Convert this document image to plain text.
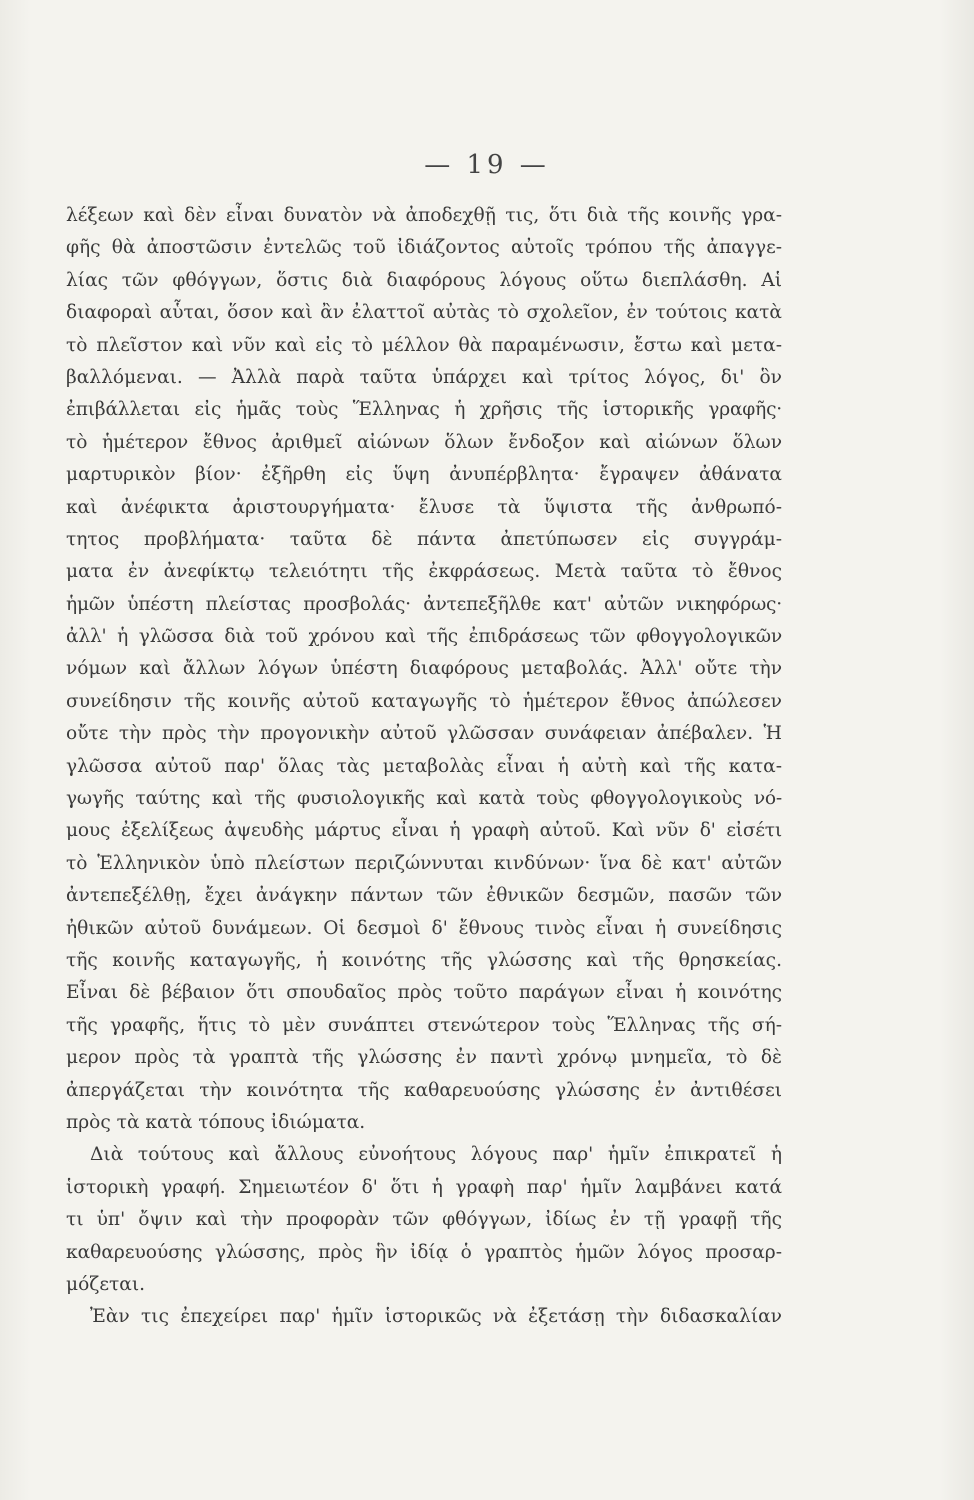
— 19 —
λέξεων καὶ δὲν εἶναι δυνατὸν νὰ ἀποδεχθῇ τις, ὅτι διὰ τῆς κοινῆς γρα-
φῆς θὰ ἀποστῶσιν ἐντελῶς τοῦ ἰδιάζοντος αὐτοῖς τρόπου τῆς ἀπαγγε-
λίας τῶν φθόγγων, ὅστις διὰ διαφόρους λόγους οὕτω διεπλάσθη. Αἱ
διαφοραὶ αὗται, ὅσον καὶ ἂν ἐλαττοῖ αὐτὰς τὸ σχολεῖον, ἐν τούτοις κατὰ
τὸ πλεῖστον καὶ νῦν καὶ εἰς τὸ μέλλον θὰ παραμένωσιν, ἔστω καὶ μετα-
βαλλόμεναι. — Ἀλλὰ παρὰ ταῦτα ὑπάρχει καὶ τρίτος λόγος, δι' ὃν
ἐπιβάλλεται εἰς ἡμᾶς τοὺς Ἕλληνας ἡ χρῆσις τῆς ἱστορικῆς γραφῆς·
τὸ ἡμέτερον ἔθνος ἀριθμεῖ αἰώνων ὅλων ἔνδοξον καὶ αἰώνων ὅλων
μαρτυρικὸν βίον· ἐξῆρθη εἰς ὕψη ἀνυπέρβλητα· ἔγραψεν ἀθάνατα
καὶ ἀνέφικτα ἀριστουργήματα· ἔλυσε τὰ ὕψιστα τῆς ἀνθρωπό-
τητος προβλήματα· ταῦτα δὲ πάντα ἀπετύπωσεν εἰς συγγράμ-
ματα ἐν ἀνεφίκτῳ τελειότητι τῆς ἐκφράσεως. Μετὰ ταῦτα τὸ ἔθνος
ἡμῶν ὑπέστη πλείστας προσβολάς· ἀντεπεξῆλθε κατ' αὐτῶν νικηφόρως·
ἀλλ' ἡ γλῶσσα διὰ τοῦ χρόνου καὶ τῆς ἐπιδράσεως τῶν φθογγολογικῶν
νόμων καὶ ἄλλων λόγων ὑπέστη διαφόρους μεταβολάς. Ἀλλ' οὔτε τὴν
συνείδησιν τῆς κοινῆς αὐτοῦ καταγωγῆς τὸ ἡμέτερον ἔθνος ἀπώλεσεν
οὔτε τὴν πρὸς τὴν προγονικὴν αὐτοῦ γλῶσσαν συνάφειαν ἀπέβαλεν. Ἡ
γλῶσσα αὐτοῦ παρ' ὅλας τὰς μεταβολὰς εἶναι ἡ αὐτὴ καὶ τῆς κατα-
γωγῆς ταύτης καὶ τῆς φυσιολογικῆς καὶ κατὰ τοὺς φθογγολογικοὺς νό-
μους ἐξελίξεως ἀψευδὴς μάρτυς εἶναι ἡ γραφὴ αὐτοῦ. Καὶ νῦν δ' εἰσέτι
τὸ Ἑλληνικὸν ὑπὸ πλείστων περιζώννυται κινδύνων· ἵνα δὲ κατ' αὐτῶν
ἀντεπεξέλθῃ, ἔχει ἀνάγκην πάντων τῶν ἐθνικῶν δεσμῶν, πασῶν τῶν
ἠθικῶν αὐτοῦ δυνάμεων. Οἱ δεσμοὶ δ' ἔθνους τινὸς εἶναι ἡ συνείδησις
τῆς κοινῆς καταγωγῆς, ἡ κοινότης τῆς γλώσσης καὶ τῆς θρησκείας.
Εἶναι δὲ βέβαιον ὅτι σπουδαῖος πρὸς τοῦτο παράγων εἶναι ἡ κοινότης
τῆς γραφῆς, ἥτις τὸ μὲν συνάπτει στενώτερον τοὺς Ἕλληνας τῆς σή-
μερον πρὸς τὰ γραπτὰ τῆς γλώσσης ἐν παντὶ χρόνῳ μνημεῖα, τὸ δὲ
ἀπεργάζεται τὴν κοινότητα τῆς καθαρευούσης γλώσσης ἐν ἀντιθέσει
πρὸς τὰ κατὰ τόπους ἰδιώματα.
Διὰ τούτους καὶ ἄλλους εὐνοήτους λόγους παρ' ἡμῖν ἐπικρατεῖ ἡ
ἱστορικὴ γραφή. Σημειωτέον δ' ὅτι ἡ γραφὴ παρ' ἡμῖν λαμβάνει κατά
τι ὑπ' ὄψιν καὶ τὴν προφορὰν τῶν φθόγγων, ἰδίως ἐν τῇ γραφῇ τῆς
καθαρευούσης γλώσσης, πρὸς ἣν ἰδίᾳ ὁ γραπτὸς ἡμῶν λόγος προσαρ-
μόζεται.
Ἐὰν τις ἐπεχείρει παρ' ἡμῖν ἱστορικῶς νὰ ἐξετάσῃ τὴν διδασκαλίαν
